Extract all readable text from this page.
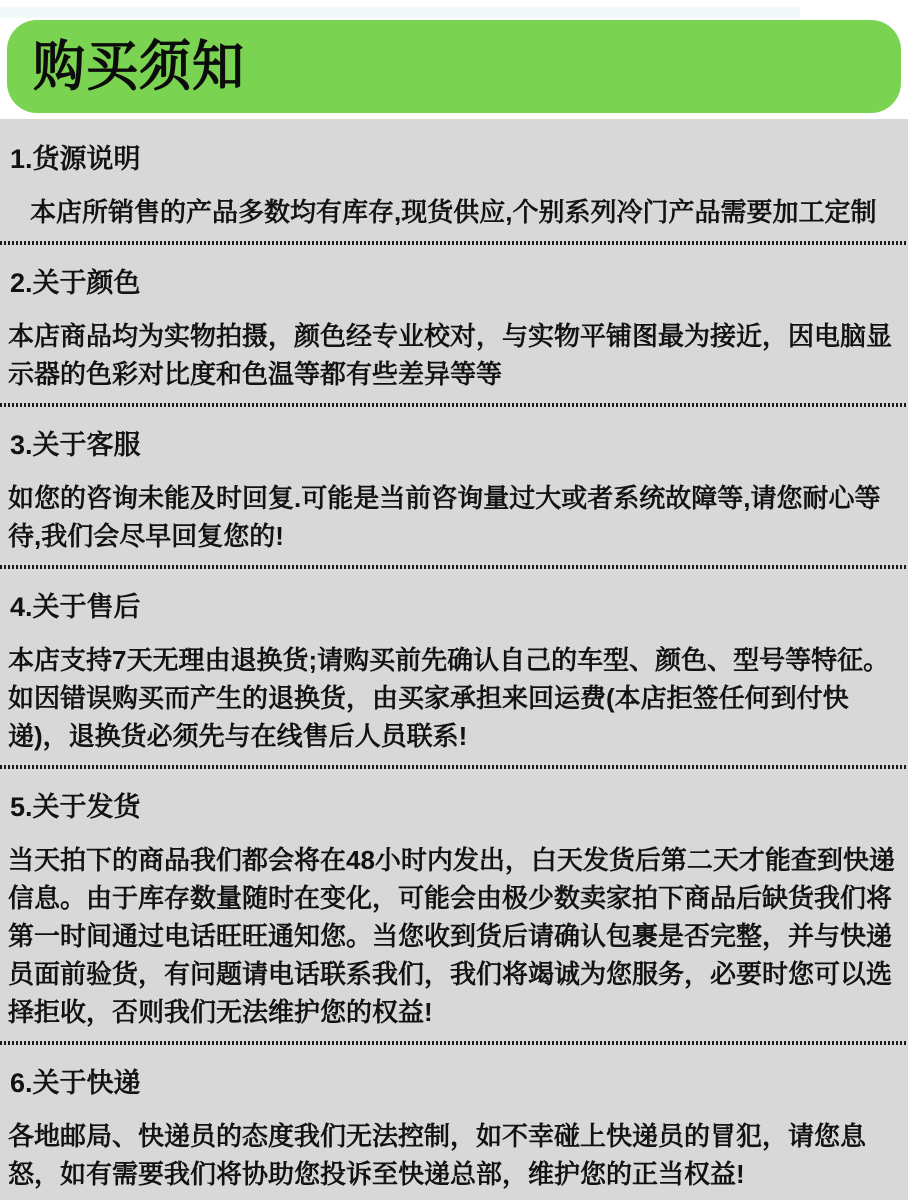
购买须知
1.货源说明

本店所销售的产品多数均有库存,现货供应,个别系列冷门产品需要加工定制

2.关于颜色

本店商品均为实物拍摄，颜色经专业校对，与实物平铺图最为接近，因电脑显示器的色彩对比度和色温等都有些差异等等

3.关于客服

如您的咨询未能及时回复.可能是当前咨询量过大或者系统故障等,请您耐心等待,我们会尽早回复您的!

4.关于售后

本店支持7天无理由退换货;请购买前先确认自己的车型、颜色、型号等特征。如因错误购买而产生的退换货，由买家承担来回运费(本店拒签任何到付快递)，退换货必须先与在线售后人员联系!

5.关于发货

当天拍下的商品我们都会将在48小时内发出，白天发货后第二天才能查到快递信息。由于库存数量随时在变化，可能会由极少数卖家拍下商品后缺货我们将第一时间通过电话旺旺通知您。当您收到货后请确认包裹是否完整，并与快递员面前验货，有问题请电话联系我们，我们将竭诚为您服务，必要时您可以选择拒收，否则我们无法维护您的权益!

6.关于快递

各地邮局、快递员的态度我们无法控制，如不幸碰上快递员的冒犯，请您息怒，如有需要我们将协助您投诉至快递总部，维护您的正当权益!
